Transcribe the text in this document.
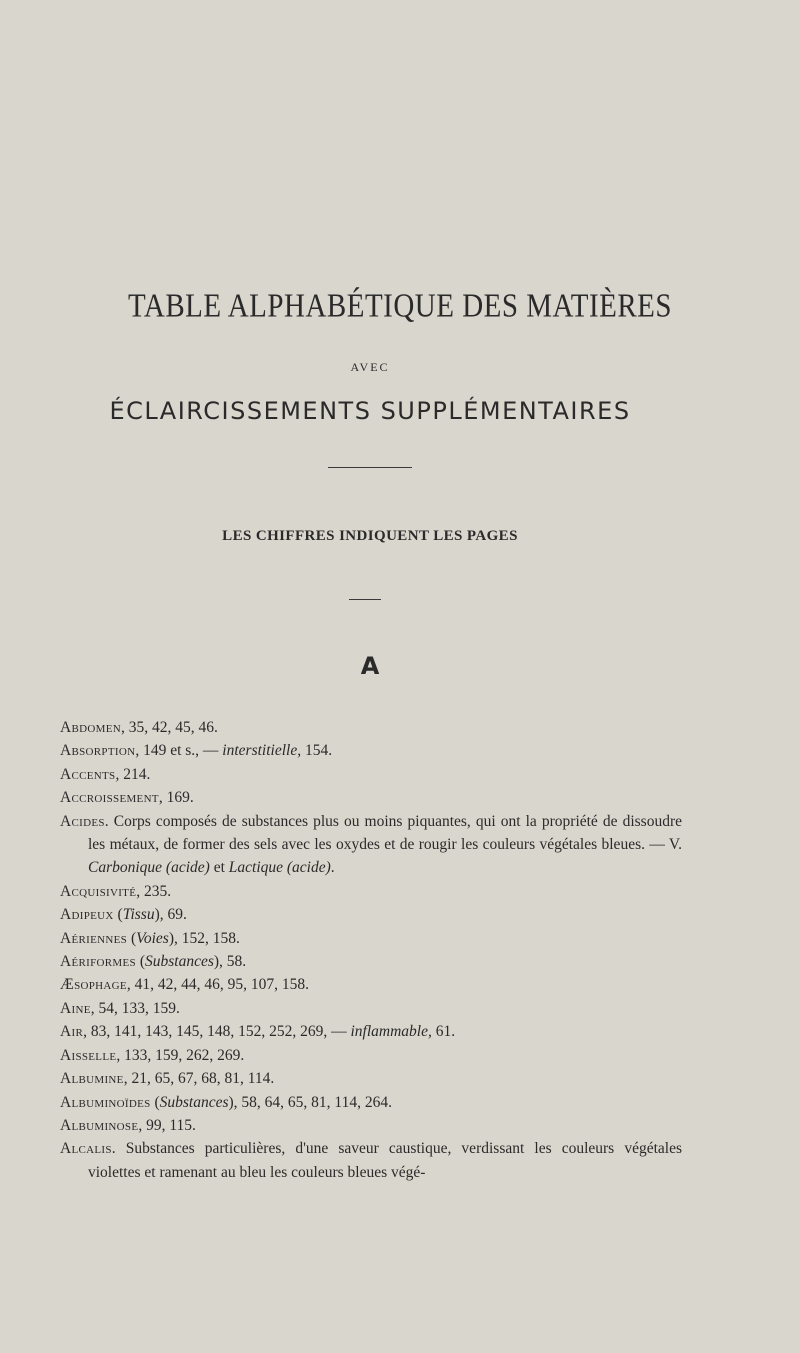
TABLE ALPHABÉTIQUE DES MATIÈRES
AVEC
ÉCLAIRCISSEMENTS SUPPLÉMENTAIRES
LES CHIFFRES INDIQUENT LES PAGES
A
Abdomen, 35, 42, 45, 46.
Absorption, 149 et s., — interstitielle, 154.
Accents, 214.
Accroissement, 169.
Acides. Corps composés de substances plus ou moins piquantes, qui ont la propriété de dissoudre les métaux, de former des sels avec les oxydes et de rougir les couleurs végétales bleues. — V. Carbonique (acide) et Lactique (acide).
Acquisivité, 235.
Adipeux (Tissu), 69.
Aériennes (Voies), 152, 158.
Aériformes (Substances), 58.
Æsophage, 41, 42, 44, 46, 95, 107, 158.
Aine, 54, 133, 159.
Air, 83, 141, 143, 145, 148, 152, 252, 269, — inflammable, 61.
Aisselle, 133, 159, 262, 269.
Albumine, 21, 65, 67, 68, 81, 114.
Albuminoïdes (Substances), 58, 64, 65, 81, 114, 264.
Albuminose, 99, 115.
Alcalis. Substances particulières, d'une saveur caustique, verdissant les couleurs végétales violettes et ramenant au bleu les couleurs bleues végé-
